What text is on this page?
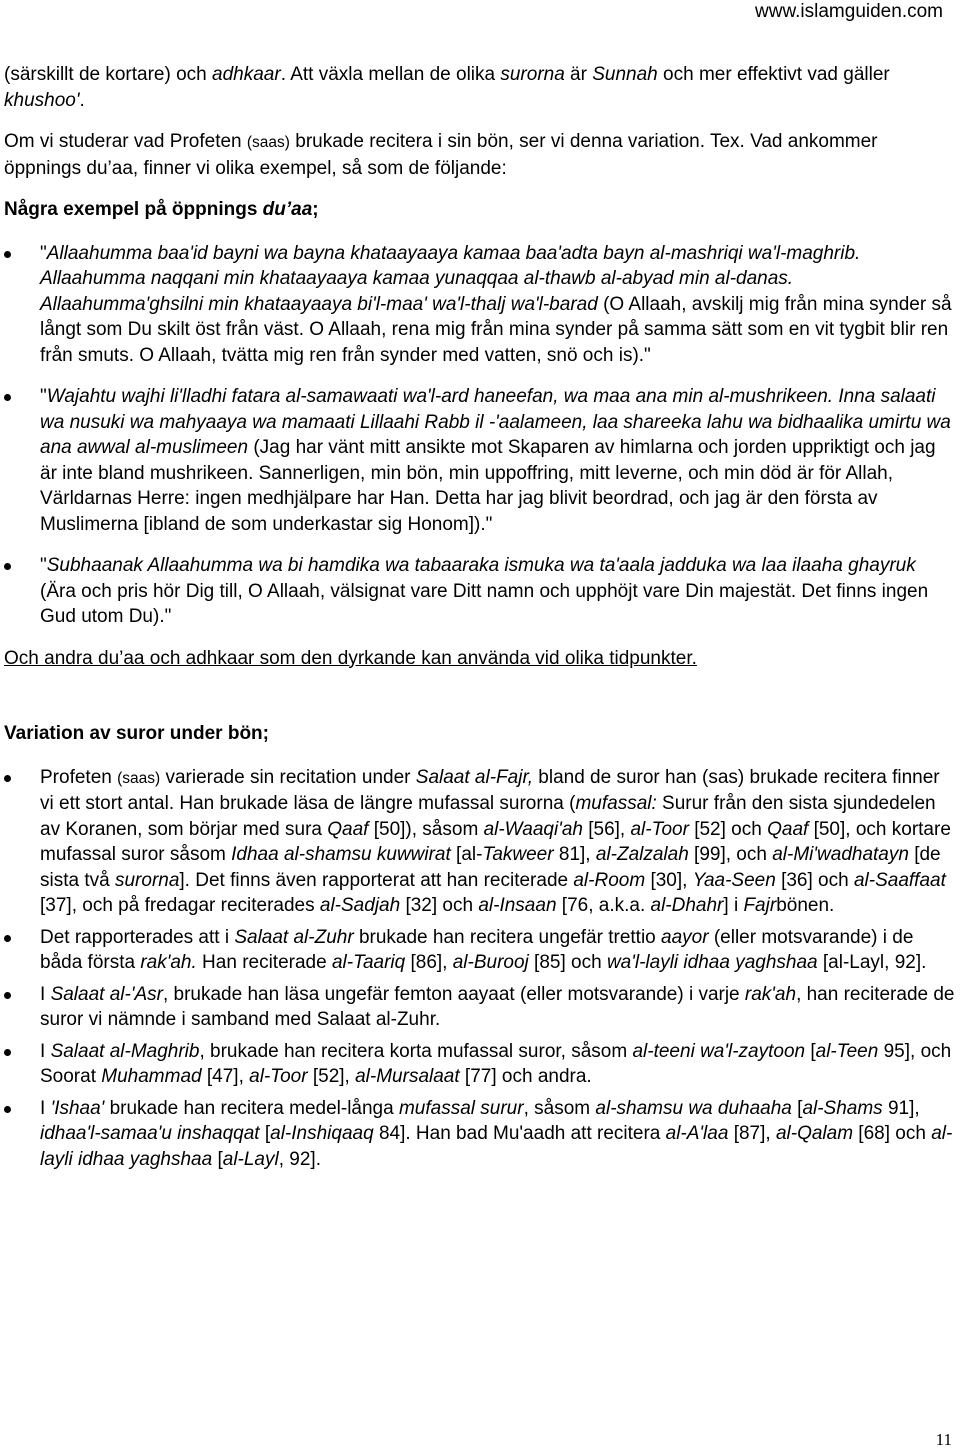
www.islamguiden.com

(särskillt de kortare) och adhkaar. Att växla mellan de olika surorna är Sunnah och mer effektivt vad gäller khushoo'.

Om vi studerar vad Profeten (saas) brukade recitera i sin bön, ser vi denna variation. Tex. Vad ankommer öppnings du’aa, finner vi olika exempel, så som de följande:

Några exempel på öppnings du’aa;

"Allaahumma baa'id bayni wa bayna khataayaaya kamaa baa'adta bayn al-mashriqi wa'l-maghrib. Allaahumma naqqani min khataayaaya kamaa yunaqqaa al-thawb al-abyad min al-danas. Allaahumma'ghsilni min khataayaaya bi'l-maa' wa'l-thalj wa'l-barad (O Allaah, avskilj mig från mina synder så långt som Du skilt öst från väst. O Allaah, rena mig från mina synder på samma sätt som en vit tygbit blir ren från smuts. O Allaah, tvätta mig ren från synder med vatten, snö och is)."
"Wajahtu wajhi li'lladhi fatara al-samawaati wa'l-ard haneefan, wa maa ana min al-mushrikeen. Inna salaati wa nusuki wa mahyaaya wa mamaati Lillaahi Rabb il -'aalameen, laa shareeka lahu wa bidhaalika umirtu wa ana awwal al-muslimeen (Jag har vänt mitt ansikte mot Skaparen av himlarna och jorden uppriktigt och jag är inte bland mushrikeen. Sannerligen, min bön, min uppoffring, mitt leverne, och min död är för Allah, Världarnas Herre: ingen medhjälpare har Han. Detta har jag blivit beordrad, och jag är den första av Muslimerna [ibland de som underkastar sig Honom])."
"Subhaanak Allaahumma wa bi hamdika wa tabaaraka ismuka wa ta'aala jadduka wa laa ilaaha ghayruk (Ära och pris hör Dig till, O Allaah, välsignat vare Ditt namn och upphöjt vare Din majestät. Det finns ingen Gud utom Du)."

Och andra du’aa och adhkaar som den dyrkande kan använda vid olika tidpunkter.

Variation av suror under bön;

Profeten (saas) varierade sin recitation under Salaat al-Fajr, bland de suror han (sas) brukade recitera finner vi ett stort antal. Han brukade läsa de längre mufassal surorna (mufassal: Surur från den sista sjundedelen av Koranen, som börjar med sura Qaaf [50]), såsom al-Waaqi'ah [56], al-Toor [52] och Qaaf [50], och kortare mufassal suror såsom Idhaa al-shamsu kuwwirat [al-Takweer 81], al-Zalzalah [99], och al-Mi'wadhatayn [de sista två surorna]. Det finns även rapporterat att han reciterade al-Room [30], Yaa-Seen [36] och al-Saaffaat [37], och på fredagar reciterades al-Sadjah [32] och al-Insaan [76, a.k.a. al-Dhahr] i Fajrbönen.
Det rapporterades att i Salaat al-Zuhr brukade han recitera ungefär trettio aayor (eller motsvarande) i de båda första rak'ah. Han reciterade al-Taariq [86], al-Burooj [85] och wa'l-layli idhaa yaghshaa [al-Layl, 92].
I Salaat al-'Asr, brukade han läsa ungefär femton aayaat (eller motsvarande) i varje rak'ah, han reciterade de suror vi nämnde i samband med Salaat al-Zuhr.
I Salaat al-Maghrib, brukade han recitera korta mufassal suror, såsom al-teeni wa'l-zaytoon [al-Teen 95], och Soorat Muhammad [47], al-Toor [52], al-Mursalaat [77] och andra.
I 'Ishaa' brukade han recitera medel-långa mufassal surur, såsom al-shamsu wa duhaaha [al-Shams 91], idhaa'l-samaa'u inshaqqat [al-Inshiqaaq 84]. Han bad Mu'aadh att recitera al-A'laa [87], al-Qalam [68] och al-layli idhaa yaghshaa [al-Layl, 92].
11
